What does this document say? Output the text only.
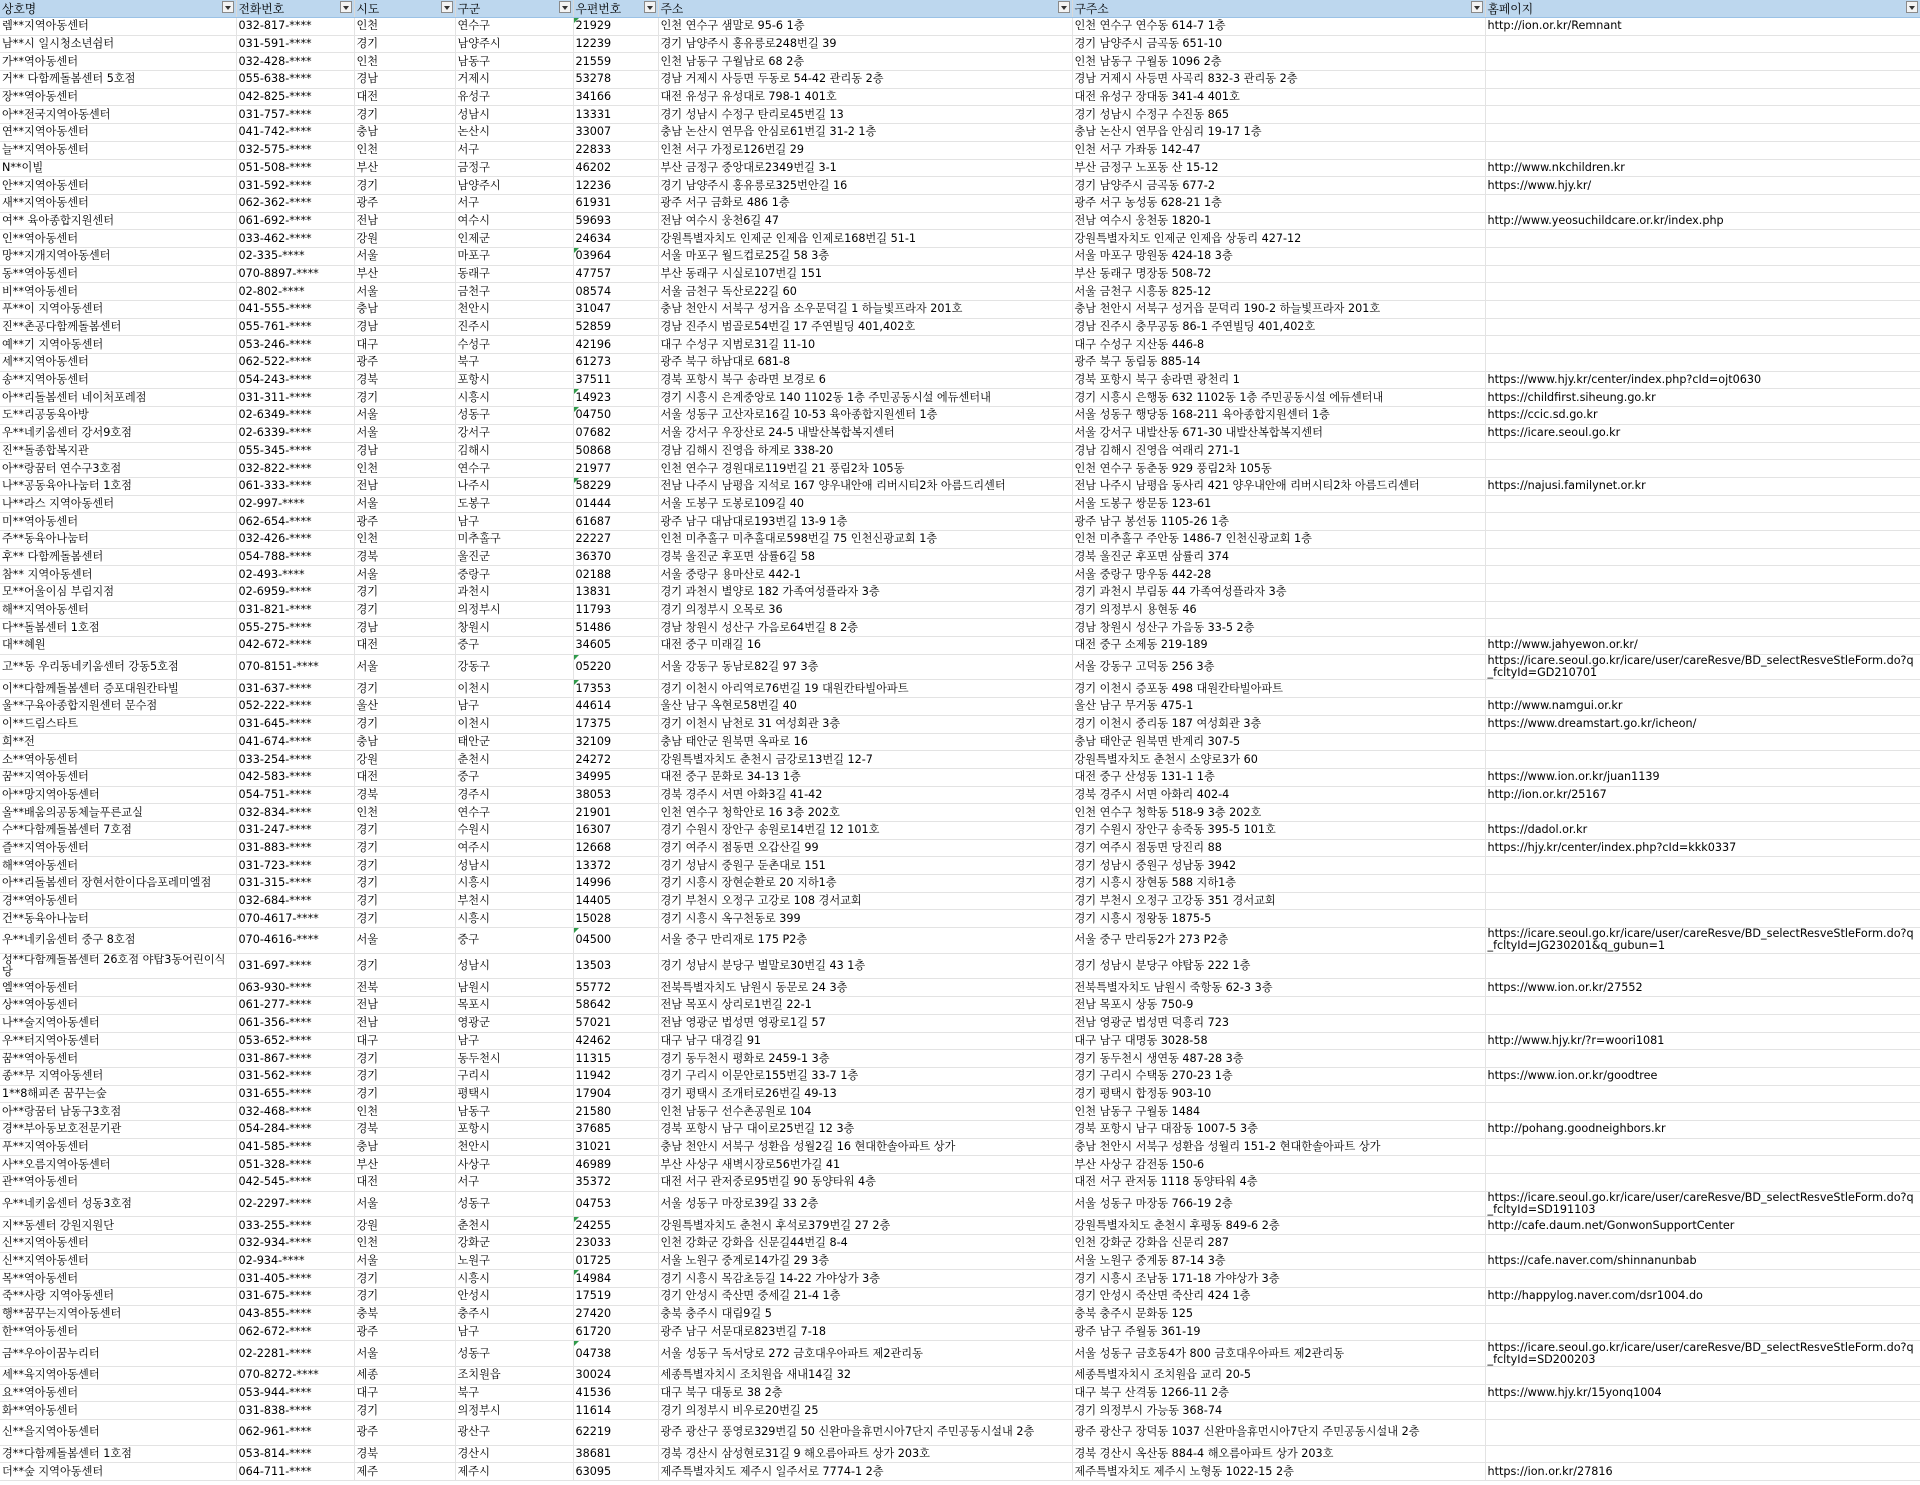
상호명	전화번호	시도	구군	우편번호	주소	구주소	홈페이지

렘**지역아동센터	032-817-****	인천	연수구	21929	인천 연수구 샘말로 95-6 1층	인천 연수구 연수동 614-7 1층	http://ion.or.kr/Remnant
남**시 일시청소년쉼터	031-591-****	경기	남양주시	12239	경기 남양주시 홍유릉로248번길 39	경기 남양주시 금곡동 651-10	
가**역아동센터	032-428-****	인천	남동구	21559	인천 남동구 구월남로 68 2층	인천 남동구 구월동 1096 2층	
거** 다함께돌봄센터 5호점	055-638-****	경남	거제시	53278	경남 거제시 사등면 두동로 54-42 관리동 2층	경남 거제시 사등면 사곡리 832-3 관리동 2층	
장**역아동센터	042-825-****	대전	유성구	34166	대전 유성구 유성대로 798-1 401호	대전 유성구 장대동 341-4 401호	
아**전국지역아동센터	031-757-****	경기	성남시	13331	경기 성남시 수정구 탄리로45번길 13	경기 성남시 수정구 수진동 865	
연**지역아동센터	041-742-****	충남	논산시	33007	충남 논산시 연무읍 안심로61번길 31-2 1층	충남 논산시 연무읍 안심리 19-17 1층	
늘**지역아동센터	032-575-****	인천	서구	22833	인천 서구 가정로126번길 29	인천 서구 가좌동 142-47	
N**이빌	051-508-****	부산	금정구	46202	부산 금정구 중앙대로2349번길 3-1	부산 금정구 노포동 산 15-12	http://www.nkchildren.kr
안**지역아동센터	031-592-****	경기	남양주시	12236	경기 남양주시 홍유릉로325번안길 16	경기 남양주시 금곡동 677-2	https://www.hjy.kr/
새**지역아동센터	062-362-****	광주	서구	61931	광주 서구 금화로 486 1층	광주 서구 농성동 628-21 1층	
여** 육아종합지원센터	061-692-****	전남	여수시	59693	전남 여수시 웅천6길 47	전남 여수시 웅천동 1820-1	http://www.yeosuchildcare.or.kr/index.php
인**역아동센터	033-462-****	강원	인제군	24634	강원특별자치도 인제군 인제읍 인제로168번길 51-1	강원특별자치도 인제군 인제읍 상동리 427-12	
망**지개지역아동센터	02-335-****	서울	마포구	03964	서울 마포구 월드컵로25길 58 3층	서울 마포구 망원동 424-18 3층	
동**역아동센터	070-8897-****	부산	동래구	47757	부산 동래구 시실로107번길 151	부산 동래구 명장동 508-72	
비**역아동센터	02-802-****	서울	금천구	08574	서울 금천구 독산로22길 60	서울 금천구 시흥동 825-12	
푸**이 지역아동센터	041-555-****	충남	천안시	31047	충남 천안시 서북구 성거읍 소우문덕길 1 하늘빛프라자 201호	충남 천안시 서북구 성거읍 문덕리 190-2 하늘빛프라자 201호	
진**촌공다함께돌봄센터	055-761-****	경남	진주시	52859	경남 진주시 범골로54번길 17 주연빌딩 401,402호	경남 진주시 충무공동 86-1 주연빌딩 401,402호	
예**기 지역아동센터	053-246-****	대구	수성구	42196	대구 수성구 지범로31길 11-10	대구 수성구 지산동 446-8	
세**지역아동센터	062-522-****	광주	북구	61273	광주 북구 하남대로 681-8	광주 북구 동림동 885-14	
송**지역아동센터	054-243-****	경북	포항시	37511	경북 포항시 북구 송라면 보경로 6	경북 포항시 북구 송라면 광천리 1	https://www.hjy.kr/center/index.php?cId=ojt0630
아**리돌봄센터 네이처포레점	031-311-****	경기	시흥시	14923	경기 시흥시 은계중앙로 140 1102동 1층 주민공동시설 에듀센터내	경기 시흥시 은행동 632 1102동 1층 주민공동시설 에듀센터내	https://childfirst.siheung.go.kr
도**리공동육아방	02-6349-****	서울	성동구	04750	서울 성동구 고산자로16길 10-53 육아종합지원센터 1층	서울 성동구 행당동 168-211 육아종합지원센터 1층	https://ccic.sd.go.kr
우**네키움센터 강서9호점	02-6339-****	서울	강서구	07682	서울 강서구 우장산로 24-5 내발산복합복지센터	서울 강서구 내발산동 671-30 내발산복합복지센터	https://icare.seoul.go.kr
진**돌종합복지관	055-345-****	경남	김해시	50868	경남 김해시 진영읍 하계로 338-20	경남 김해시 진영읍 여래리 271-1	
아**랑꿈터 연수구3호점	032-822-****	인천	연수구	21977	인천 연수구 경원대로119번길 21 풍림2차 105동	인천 연수구 동춘동 929 풍림2차 105동	
나**공동육아나눔터 1호점	061-333-****	전남	나주시	58229	전남 나주시 남평읍 지석로 167 양우내안애 리버시티2차 아름드리센터	전남 나주시 남평읍 동사리 421 양우내안애 리버시티2차 아름드리센터	https://najusi.familynet.or.kr
나**라스 지역아동센터	02-997-****	서울	도봉구	01444	서울 도봉구 도봉로109길 40	서울 도봉구 쌍문동 123-61	
미**역아동센터	062-654-****	광주	남구	61687	광주 남구 대남대로193번길 13-9 1층	광주 남구 봉선동 1105-26 1층	
주**동육아나눔터	032-426-****	인천	미추홀구	22227	인천 미추홀구 미추홀대로598번길 75 인천신광교회 1층	인천 미추홀구 주안동 1486-7 인천신광교회 1층	
후** 다함께돌봄센터	054-788-****	경북	울진군	36370	경북 울진군 후포면 삼률6길 58	경북 울진군 후포면 삼률리 374	
참** 지역아동센터	02-493-****	서울	중랑구	02188	서울 중랑구 용마산로 442-1	서울 중랑구 망우동 442-28	
모**어울이심 부림지점	02-6959-****	경기	과천시	13831	경기 과천시 별양로 182 가족여성플라자 3층	경기 과천시 부림동 44 가족여성플라자 3층	
해**지역아동센터	031-821-****	경기	의정부시	11793	경기 의정부시 오목로 36	경기 의정부시 용현동 46	
다**돌봄센터 1호점	055-275-****	경남	창원시	51486	경남 창원시 성산구 가음로64번길 8 2층	경남 창원시 성산구 가음동 33-5 2층	
대**혜원	042-672-****	대전	중구	34605	대전 중구 미래길 16	대전 중구 소제동 219-189	http://www.jahyewon.or.kr/
고**동 우리동네키움센터 강동5호점	070-8151-****	서울	강동구	05220	서울 강동구 동남로82길 97 3층	서울 강동구 고덕동 256 3층	https://icare.seoul.go.kr/icare/user/careResve/BD_selectResveStleForm.do?q_fcltyId=GD210701
이**다함께돌봄센터 증포대원칸타빌	031-637-****	경기	이천시	17353	경기 이천시 아리역로76번길 19 대원칸타빌아파트	경기 이천시 증포동 498 대원칸타빌아파트	
울**구육아종합지원센터 문수점	052-222-****	울산	남구	44614	울산 남구 옥현로58번길 40	울산 남구 무거동 475-1	http://www.namgui.or.kr
이**드림스타트	031-645-****	경기	이천시	17375	경기 이천시 남천로 31 여성회관 3층	경기 이천시 중리동 187 여성회관 3층	https://www.dreamstart.go.kr/icheon/
희**전	041-674-****	충남	태안군	32109	충남 태안군 원북면 옥파로 16	충남 태안군 원북면 반계리 307-5	
소**역아동센터	033-254-****	강원	춘천시	24272	강원특별자치도 춘천시 금강로13번길 12-7	강원특별자치도 춘천시 소양로3가 60	
꿈**지역아동센터	042-583-****	대전	중구	34995	대전 중구 문화로 34-13 1층	대전 중구 산성동 131-1 1층	https://www.ion.or.kr/juan1139
아**망지역아동센터	054-751-****	경북	경주시	38053	경북 경주시 서면 아화3길 41-42	경북 경주시 서면 아화리 402-4	http://ion.or.kr/25167
올**배움의공동체늘푸른교실	032-834-****	인천	연수구	21901	인천 연수구 청학안로 16 3층 202호	인천 연수구 청학동 518-9 3층 202호	
수**다함께돌봄센터 7호점	031-247-****	경기	수원시	16307	경기 수원시 장안구 송원로14번길 12 101호	경기 수원시 장안구 송죽동 395-5 101호	https://dadol.or.kr
즐**지역아동센터	031-883-****	경기	여주시	12668	경기 여주시 점동면 오갑산길 99	경기 여주시 점동면 당진리 88	https://hjy.kr/center/index.php?cId=kkk0337
해**역아동센터	031-723-****	경기	성남시	13372	경기 성남시 중원구 둔촌대로 151	경기 성남시 중원구 성남동 3942	
아**리돌봄센터 장현서한이다음포레미엘점	031-315-****	경기	시흥시	14996	경기 시흥시 장현순환로 20 지하1층	경기 시흥시 장현동 588 지하1층	
경**역아동센터	032-684-****	경기	부천시	14405	경기 부천시 오정구 고강로 108 경서교회	경기 부천시 오정구 고강동 351 경서교회	
건**동육아나눔터	070-4617-****	경기	시흥시	15028	경기 시흥시 옥구천동로 399	경기 시흥시 정왕동 1875-5	
우**네키움센터 중구 8호점	070-4616-****	서울	중구	04500	서울 중구 만리재로 175 P2층	서울 중구 만리동2가 273 P2층	https://icare.seoul.go.kr/icare/user/careResve/BD_selectResveStleForm.do?q_fcltyId=JG230201&q_gubun=1
성**다함께돌봄센터 26호점 야탑3동어린이식당	031-697-****	경기	성남시	13503	경기 성남시 분당구 벌말로30번길 43 1층	경기 성남시 분당구 야탑동 222 1층	
엘**역아동센터	063-930-****	전북	남원시	55772	전북특별자치도 남원시 동문로 24 3층	전북특별자치도 남원시 죽항동 62-3 3층	https://www.ion.or.kr/27552
상**역아동센터	061-277-****	전남	목포시	58642	전남 목포시 상리로1번길 22-1	전남 목포시 상동 750-9	
나**술지역아동센터	061-356-****	전남	영광군	57021	전남 영광군 법성면 영광로1길 57	전남 영광군 법성면 덕흥리 723	
우**터지역아동센터	053-652-****	대구	남구	42462	대구 남구 대경길 91	대구 남구 대명동 3028-58	http://www.hjy.kr/?r=woori1081
꿈**역아동센터	031-867-****	경기	동두천시	11315	경기 동두천시 평화로 2459-1 3층	경기 동두천시 생연동 487-28 3층	
종**무 지역아동센터	031-562-****	경기	구리시	11942	경기 구리시 이문안로155번길 33-7 1층	경기 구리시 수택동 270-23 1층	https://www.ion.or.kr/goodtree
1**8해피존 꿈꾸는숲	031-655-****	경기	평택시	17904	경기 평택시 조개터로26번길 49-13	경기 평택시 합정동 903-10	
아**랑꿈터 남동구3호점	032-468-****	인천	남동구	21580	인천 남동구 선수촌공원로 104	인천 남동구 구월동 1484	
경**부아동보호전문기관	054-284-****	경북	포항시	37685	경북 포항시 남구 대이로25번길 12 3층	경북 포항시 남구 대잠동 1007-5 3층	http://pohang.goodneighbors.kr
푸**지역아동센터	041-585-****	충남	천안시	31021	충남 천안시 서북구 성환읍 성월2길 16 현대한솔아파트 상가	충남 천안시 서북구 성환읍 성월리 151-2 현대한솔아파트 상가	
사**오름지역아동센터	051-328-****	부산	사상구	46989	부산 사상구 새벽시장로56번가길 41	부산 사상구 감전동 150-6	
관**역아동센터	042-545-****	대전	서구	35372	대전 서구 관저중로95번길 90 동양타워 4층	대전 서구 관저동 1118 동양타워 4층	
우**네키움센터 성동3호점	02-2297-****	서울	성동구	04753	서울 성동구 마장로39길 33 2층	서울 성동구 마장동 766-19 2층	https://icare.seoul.go.kr/icare/user/careResve/BD_selectResveStleForm.do?q_fcltyId=SD191103
지**동센터 강원지원단	033-255-****	강원	춘천시	24255	강원특별자치도 춘천시 후석로379번길 27 2층	강원특별자치도 춘천시 후평동 849-6 2층	http://cafe.daum.net/GonwonSupportCenter
신**지역아동센터	032-934-****	인천	강화군	23033	인천 강화군 강화읍 신문길44번길 8-4	인천 강화군 강화읍 신문리 287	
신**지역아동센터	02-934-****	서울	노원구	01725	서울 노원구 중계로14가길 29 3층	서울 노원구 중계동 87-14 3층	https://cafe.naver.com/shinnanunbab
목**역아동센터	031-405-****	경기	시흥시	14984	경기 시흥시 목감초등길 14-22 가야상가 3층	경기 시흥시 조남동 171-18 가야상가 3층	
죽**사랑 지역아동센터	031-675-****	경기	안성시	17519	경기 안성시 죽산면 중세길 21-4 1층	경기 안성시 죽산면 죽산리 424 1층	http://happylog.naver.com/dsr1004.do
행**꿈꾸는지역아동센터	043-855-****	충북	충주시	27420	충북 충주시 대림9길 5	충북 충주시 문화동 125	
한**역아동센터	062-672-****	광주	남구	61720	광주 남구 서문대로823번길 7-18	광주 남구 주월동 361-19	
금**우아이꿈누리터	02-2281-****	서울	성동구	04738	서울 성동구 독서당로 272 금호대우아파트 제2관리동	서울 성동구 금호동4가 800 금호대우아파트 제2관리동	https://icare.seoul.go.kr/icare/user/careResve/BD_selectResveStleForm.do?q_fcltyId=SD200203
세**육지역아동센터	070-8272-****	세종	조치원읍	30024	세종특별자치시 조치원읍 새내14길 32	세종특별자치시 조치원읍 교리 20-5	
요**역아동센터	053-944-****	대구	북구	41536	대구 북구 대동로 38 2층	대구 북구 산격동 1266-11 2층	https://www.hjy.kr/15yonq1004
화**역아동센터	031-838-****	경기	의정부시	11614	경기 의정부시 비우로20번길 25	경기 의정부시 가능동 368-74	
신**을지역아동센터	062-961-****	광주	광산구	62219	광주 광산구 풍영로329번길 50 신완마을휴먼시아7단지 주민공동시설내 2층	광주 광산구 장덕동 1037 신완마을휴먼시아7단지 주민공동시설내 2층	
경**다함께돌봄센터 1호점	053-814-****	경북	경산시	38681	경북 경산시 삼성현로31길 9 해오름아파트 상가 203호	경북 경산시 옥산동 884-4 해오름아파트 상가 203호	
더**숲 지역아동센터	064-711-****	제주	제주시	63095	제주특별자치도 제주시 일주서로 7774-1 2층	제주특별자치도 제주시 노형동 1022-15 2층	https://ion.or.kr/27816
